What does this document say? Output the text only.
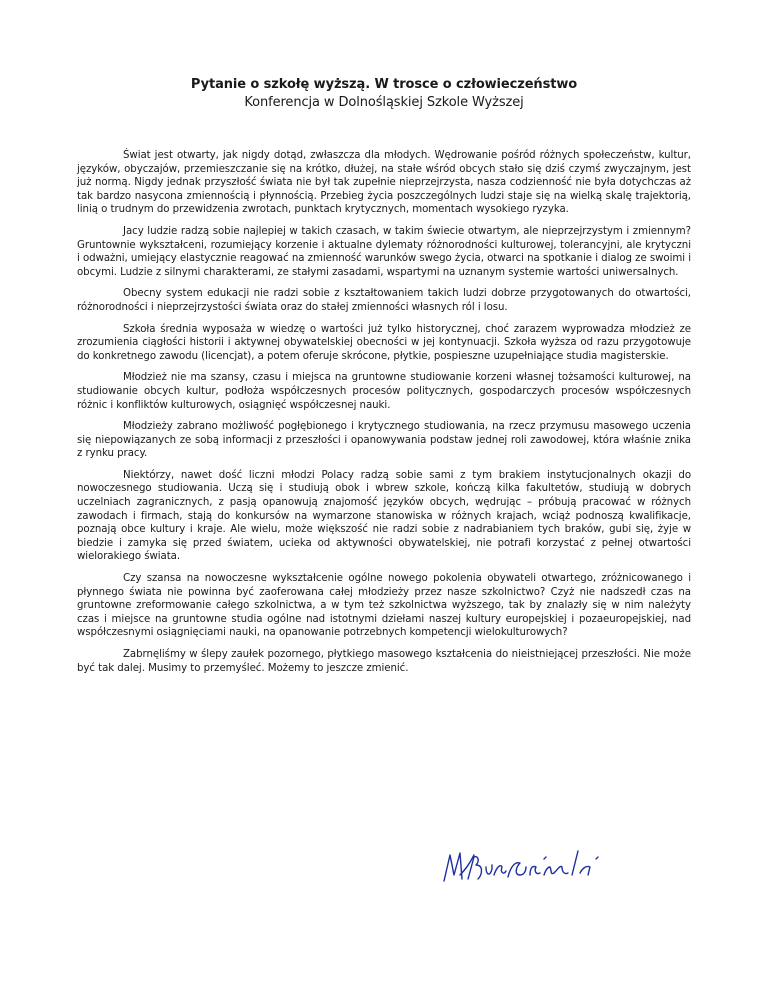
Pytanie o szkołę wyższą. W trosce o człowieczeństwo

Konferencja w Dolnośląskiej Szkole Wyższej

Świat jest otwarty, jak nigdy dotąd, zwłaszcza dla młodych. Wędrowanie pośród różnych społeczeństw, kultur, języków, obyczajów, przemieszczanie się na krótko, dłużej, na stałe wśród obcych stało się dziś czymś zwyczajnym, jest już normą. Nigdy jednak przyszłość świata nie był tak zupełnie nieprzejrzysta, nasza codzienność nie była dotychczas aż tak bardzo nasycona zmiennością i płynnością. Przebieg życia poszczególnych ludzi staje się na wielką skalę trajektorią, linią o trudnym do przewidzenia zwrotach, punktach krytycznych, momentach wysokiego ryzyka.

Jacy ludzie radzą sobie najlepiej w takich czasach, w takim świecie otwartym, ale nieprzejrzystym i zmiennym? Gruntownie wykształceni, rozumiejący korzenie i aktualne dylematy różnorodności kulturowej, tolerancyjni, ale krytyczni i odważni, umiejący elastycznie reagować na zmienność warunków swego życia, otwarci na spotkanie i dialog ze swoimi i obcymi. Ludzie z silnymi charakterami, ze stałymi zasadami, wspartymi na uznanym systemie wartości uniwersalnych.

Obecny system edukacji nie radzi sobie z kształtowaniem takich ludzi dobrze przygotowanych do otwartości, różnorodności i nieprzejrzystości świata oraz do stałej zmienności własnych ról i losu.

Szkoła średnia wyposaża w wiedzę o wartości już tylko historycznej, choć zarazem wyprowadza młodzież ze zrozumienia ciągłości historii i aktywnej obywatelskiej obecności w jej kontynuacji. Szkoła wyższa od razu przygotowuje do konkretnego zawodu (licencjat), a potem oferuje skrócone, płytkie, pospieszne uzupełniające studia magisterskie.

Młodzież nie ma szansy, czasu i miejsca na gruntowne studiowanie korzeni własnej tożsamości kulturowej, na studiowanie obcych kultur, podłoża współczesnych procesów politycznych, gospodarczych procesów współczesnych różnic i konfliktów kulturowych, osiągnięć współczesnej nauki.

Młodzieży zabrano możliwość pogłębionego i krytycznego studiowania, na rzecz przymusu masowego uczenia się niepowiązanych ze sobą informacji z przeszłości i opanowywania podstaw jednej roli zawodowej, która właśnie znika z rynku pracy.

Niektórzy, nawet dość liczni młodzi Polacy radzą sobie sami z tym brakiem instytucjonalnych okazji do nowoczesnego studiowania. Uczą się i studiują obok i wbrew szkole, kończą kilka fakultetów, studiują w dobrych uczelniach zagranicznych, z pasją opanowują znajomość języków obcych, wędrując – próbują pracować w różnych zawodach i firmach, stają do konkursów na wymarzone stanowiska w różnych krajach, wciąż podnoszą kwalifikacje, poznają obce kultury i kraje. Ale wielu, może większość nie radzi sobie z nadrabianiem tych braków, gubi się, żyje w biedzie i zamyka się przed światem, ucieka od aktywności obywatelskiej, nie potrafi korzystać z pełnej otwartości wielorakiego świata.

Czy szansa na nowoczesne wykształcenie ogólne nowego pokolenia obywateli otwartego, zróżnicowanego i płynnego świata nie powinna być zaoferowana całej młodzieży przez nasze szkolnictwo? Czyż nie nadszedł czas na gruntowne zreformowanie całego szkolnictwa, a w tym też szkolnictwa wyższego, tak by znalazły się w nim należyty czas i miejsce na gruntowne studia ogólne nad istotnymi dziełami naszej kultury europejskiej i pozaeuropejskiej, nad współczesnymi osiągnięciami nauki, na opanowanie potrzebnych kompetencji wielokulturowych?

Zabrnęliśmy w ślepy zaułek pozornego, płytkiego masowego kształcenia do nieistniejącej przeszłości. Nie może być tak dalej. Musimy to przemyśleć. Możemy to jeszcze zmienić.
